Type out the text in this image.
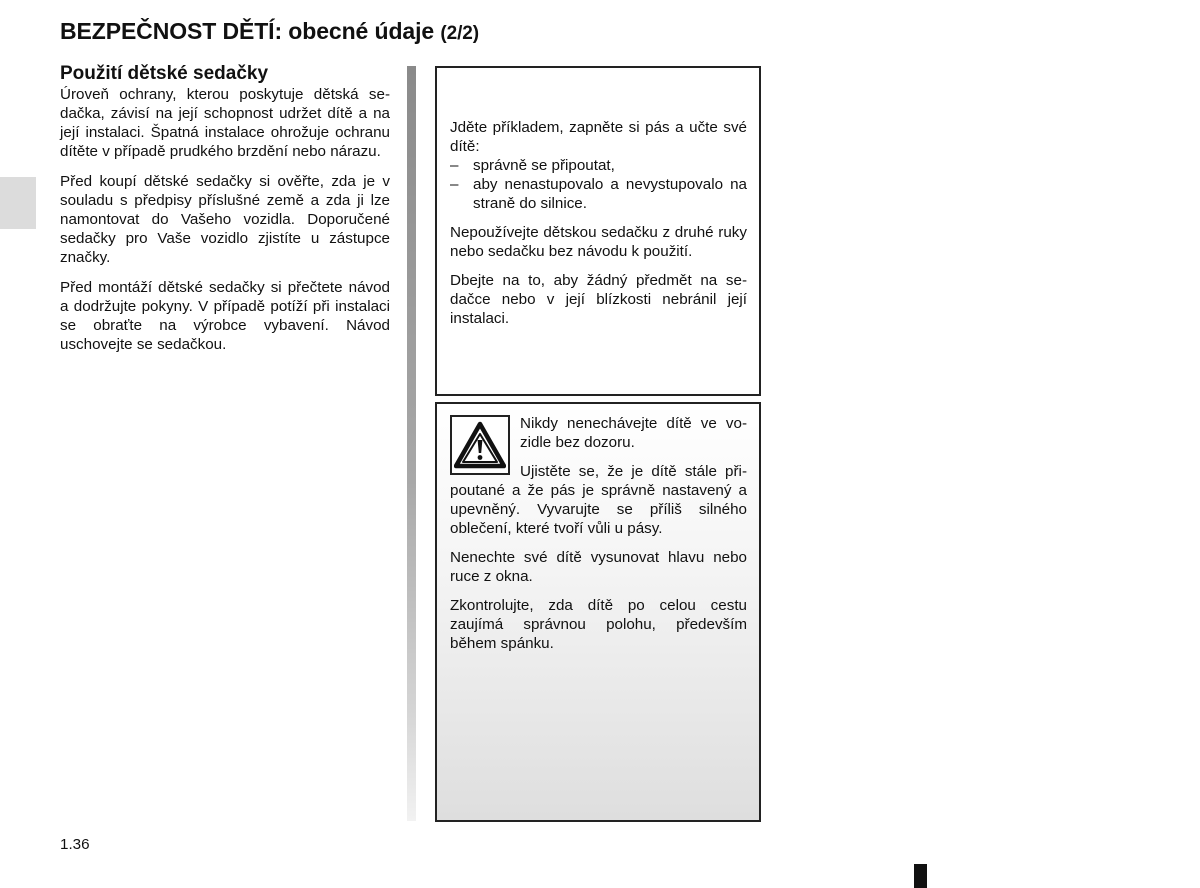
BEZPEČNOST DĚTÍ: obecné údaje (2/2)
Použití dětské sedačky

Úroveň ochrany, kterou poskytuje dětská sedačka, závisí na její schopnost udržet dítě a na její instalaci. Špatná instalace ohrožuje ochranu dítěte v případě prudkého brzdění nebo nárazu.

Před koupí dětské sedačky si ověřte, zda je v souladu s předpisy příslušné země a zda ji lze namontovat do Vašeho vozidla. Doporučené sedačky pro Vaše vozidlo zjistíte u zástupce značky.

Před montáží dětské sedačky si přečtete návod a dodržujte pokyny. V případě potíží při instalaci se obraťte na výrobce vybavení. Návod uschovejte se sedačkou.

Jděte příkladem, zapněte si pás a učte své dítě:

– správně se připoutat,
– aby nenastupovalo a nevystupovalo na straně do silnice.

Nepoužívejte dětskou sedačku z druhé ruky nebo sedačku bez návodu k použití.

Dbejte na to, aby žádný předmět na sedačce nebo v její blízkosti nebránil její instalaci.

Nikdy nenechávejte dítě ve vozidle bez dozoru.

Ujistěte se, že je dítě stále připoutané a že pás je správně nastavený a upevněný. Vyvarujte se příliš silného oblečení, které tvoří vůli u pásy.

Nenechte své dítě vysunovat hlavu nebo ruce z okna.

Zkontrolujte, zda dítě po celou cestu zaujímá správnou polohu, především během spánku.

1.36
